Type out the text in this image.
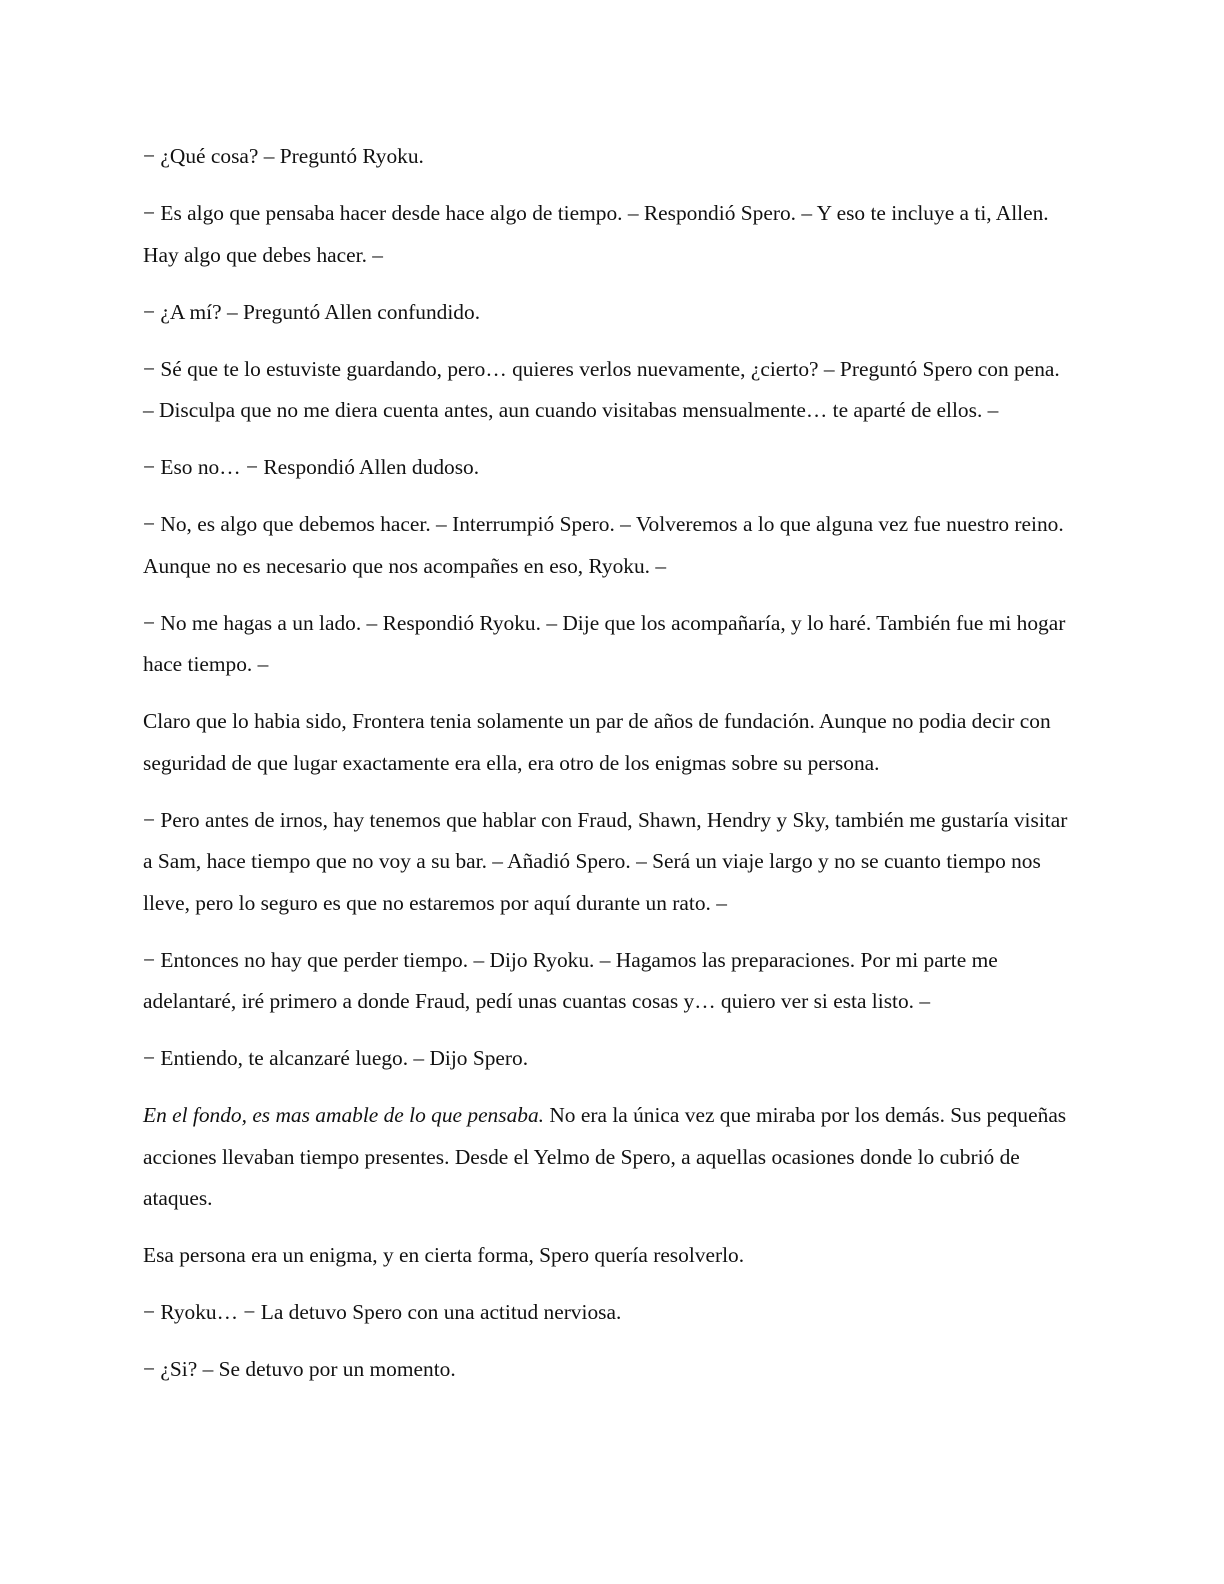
− ¿Qué cosa? – Preguntó Ryoku.

− Es algo que pensaba hacer desde hace algo de tiempo. – Respondió Spero. – Y eso te incluye a ti, Allen. Hay algo que debes hacer. –

− ¿A mí? – Preguntó Allen confundido.

− Sé que te lo estuviste guardando, pero… quieres verlos nuevamente, ¿cierto? – Preguntó Spero con pena. – Disculpa que no me diera cuenta antes, aun cuando visitabas mensualmente… te aparté de ellos. –

− Eso no… − Respondió Allen dudoso.

− No, es algo que debemos hacer. – Interrumpió Spero. – Volveremos a lo que alguna vez fue nuestro reino. Aunque no es necesario que nos acompañes en eso, Ryoku. –

− No me hagas a un lado. – Respondió Ryoku. – Dije que los acompañaría, y lo haré. También fue mi hogar hace tiempo. –

Claro que lo habia sido, Frontera tenia solamente un par de años de fundación. Aunque no podia decir con seguridad de que lugar exactamente era ella, era otro de los enigmas sobre su persona.

− Pero antes de irnos, hay tenemos que hablar con Fraud, Shawn, Hendry y Sky, también me gustaría visitar a Sam, hace tiempo que no voy a su bar. – Añadió Spero. – Será un viaje largo y no se cuanto tiempo nos lleve, pero lo seguro es que no estaremos por aquí durante un rato. –

− Entonces no hay que perder tiempo. – Dijo Ryoku. – Hagamos las preparaciones. Por mi parte me adelantaré, iré primero a donde Fraud, pedí unas cuantas cosas y… quiero ver si esta listo. –

− Entiendo, te alcanzaré luego. – Dijo Spero.

En el fondo, es mas amable de lo que pensaba. No era la única vez que miraba por los demás. Sus pequeñas acciones llevaban tiempo presentes. Desde el Yelmo de Spero, a aquellas ocasiones donde lo cubrió de ataques.

Esa persona era un enigma, y en cierta forma, Spero quería resolverlo.

− Ryoku… − La detuvo Spero con una actitud nerviosa.

− ¿Si? – Se detuvo por un momento.
